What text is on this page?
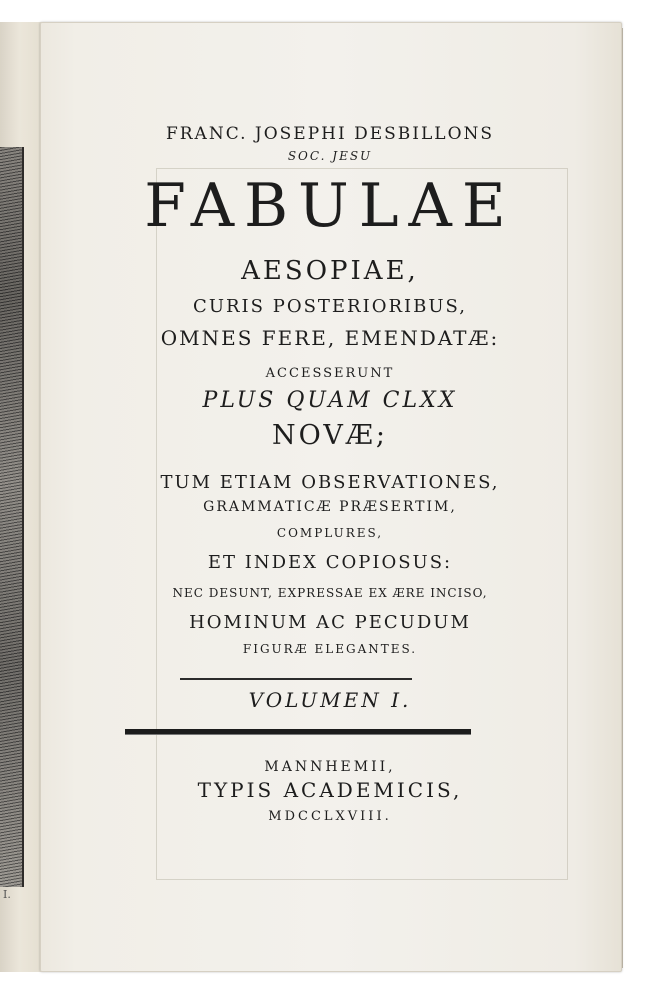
I.

FRANC. JOSEPHI DESBILLONS

SOC. JESU

FABULAE

AESOPIAE,

CURIS POSTERIORIBUS,

OMNES FERE, EMENDATÆ:

ACCESSERUNT

PLUS QUAM CLXX

NOVÆ;

TUM ETIAM OBSERVATIONES,

GRAMMATICÆ PRÆSERTIM,

COMPLURES,

ET INDEX COPIOSUS:

NEC DESUNT, EXPRESSAE EX ÆRE INCISO,

HOMINUM AC PECUDUM

FIGURÆ ELEGANTES.

VOLUMEN I.

MANNHEMII,

TYPIS ACADEMICIS,

MDCCLXVIII.
